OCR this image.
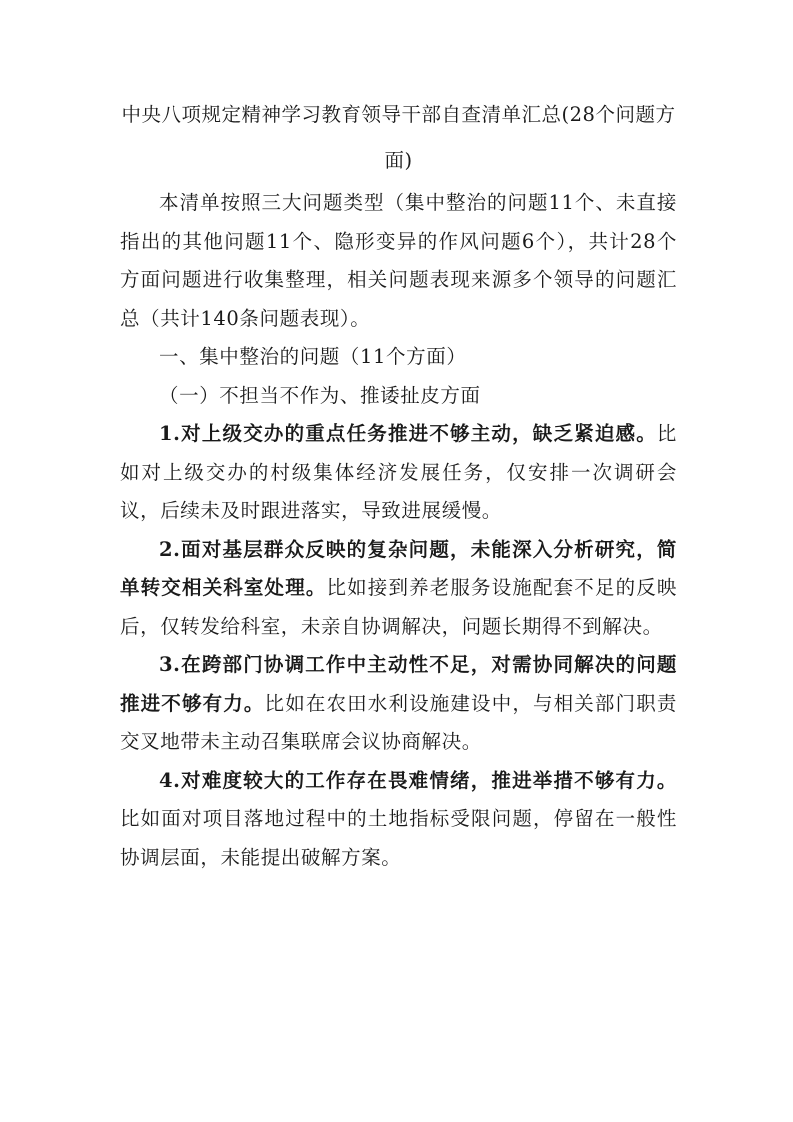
中央八项规定精神学习教育领导干部自查清单汇总(28个问题方面)

本清单按照三大问题类型（集中整治的问题11个、未直接指出的其他问题11个、隐形变异的作风问题6个），共计28个方面问题进行收集整理，相关问题表现来源多个领导的问题汇总（共计140条问题表现）。

一、集中整治的问题（11个方面）

（一）不担当不作为、推诿扯皮方面

1.对上级交办的重点任务推进不够主动，缺乏紧迫感。比如对上级交办的村级集体经济发展任务，仅安排一次调研会议，后续未及时跟进落实，导致进展缓慢。

2.面对基层群众反映的复杂问题，未能深入分析研究，简单转交相关科室处理。比如接到养老服务设施配套不足的反映后，仅转发给科室，未亲自协调解决，问题长期得不到解决。

3.在跨部门协调工作中主动性不足，对需协同解决的问题推进不够有力。比如在农田水利设施建设中，与相关部门职责交叉地带未主动召集联席会议协商解决。

4.对难度较大的工作存在畏难情绪，推进举措不够有力。比如面对项目落地过程中的土地指标受限问题，停留在一般性协调层面，未能提出破解方案。
